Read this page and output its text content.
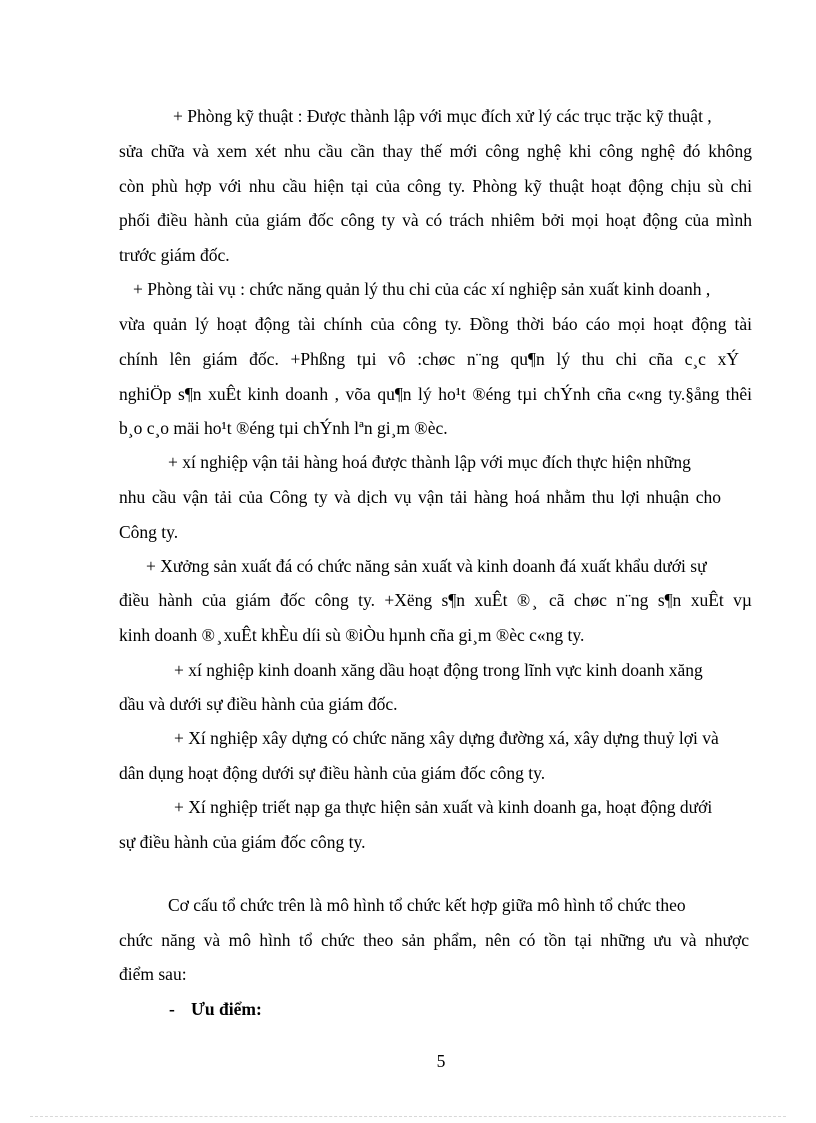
+ Phòng kỹ thuật : Được thành lập với mục đích xử lý các trục trặc kỹ thuật ,
sửa chữa và xem xét nhu cầu cần thay thế mới công nghệ khi công nghệ đó không
còn phù hợp với nhu cầu hiện tại của công ty. Phòng kỹ thuật hoạt động chịu sù chi
phối điều hành của giám đốc công ty và có trách nhiêm bởi mọi hoạt động của mình
trước giám đốc.
+ Phòng tài vụ : chức năng quản lý thu chi của các xí nghiệp sản xuất kinh doanh ,
vừa quản lý hoạt động tài chính của công ty. Đồng thời báo cáo mọi hoạt động tài
chính lên giám đốc. +Phßng tµi vô :chøc n¨ng qu¶n lý thu chi cña c¸c xÝ
nghiÖp s¶n xuÊt kinh doanh , võa qu¶n lý ho¹t ®éng tµi chÝnh cña c«ng ty.§ång thêi
b¸o c¸o mäi ho¹t ®éng tµi chÝnh lªn gi¸m ®èc.
+ xí nghiệp vận tải hàng hoá được thành lập với mục đích thực hiện những
nhu cầu vận tải của Công ty và dịch vụ vận tải hàng hoá nhằm thu lợi nhuận cho
Công ty.
+ Xưởng sản xuất đá có chức năng sản xuất và kinh doanh đá xuất khẩu dưới sự
điều hành của giám đốc công ty. +Xëng s¶n xuÊt ® ̧ cã chøc n¨ng s¶n xuÊt vµ
kinh doanh ® ̧ xuÊt khÈu díi sù ®iÒu hµnh cña gi¸m ®èc c«ng ty.
+ xí nghiệp kinh doanh xăng dầu hoạt động trong lĩnh vực kinh doanh xăng
dầu và dưới sự điều hành của giám đốc.
+ Xí nghiệp xây dựng có chức năng xây dựng đường xá, xây dựng thuỷ lợi và
dân dụng hoạt động dưới sự điều hành của giám đốc công ty.
+ Xí nghiệp triết nạp ga thực hiện sản xuất và kinh doanh ga, hoạt động dưới
sự điều hành của giám đốc công ty.
Cơ cấu tổ chức trên là mô hình tổ chức kết hợp giữa mô hình tổ chức theo
chức năng và mô hình tổ chức theo sản phẩm, nên có tồn tại những ưu và nhược
điểm sau:
- Ưu điểm:
5
